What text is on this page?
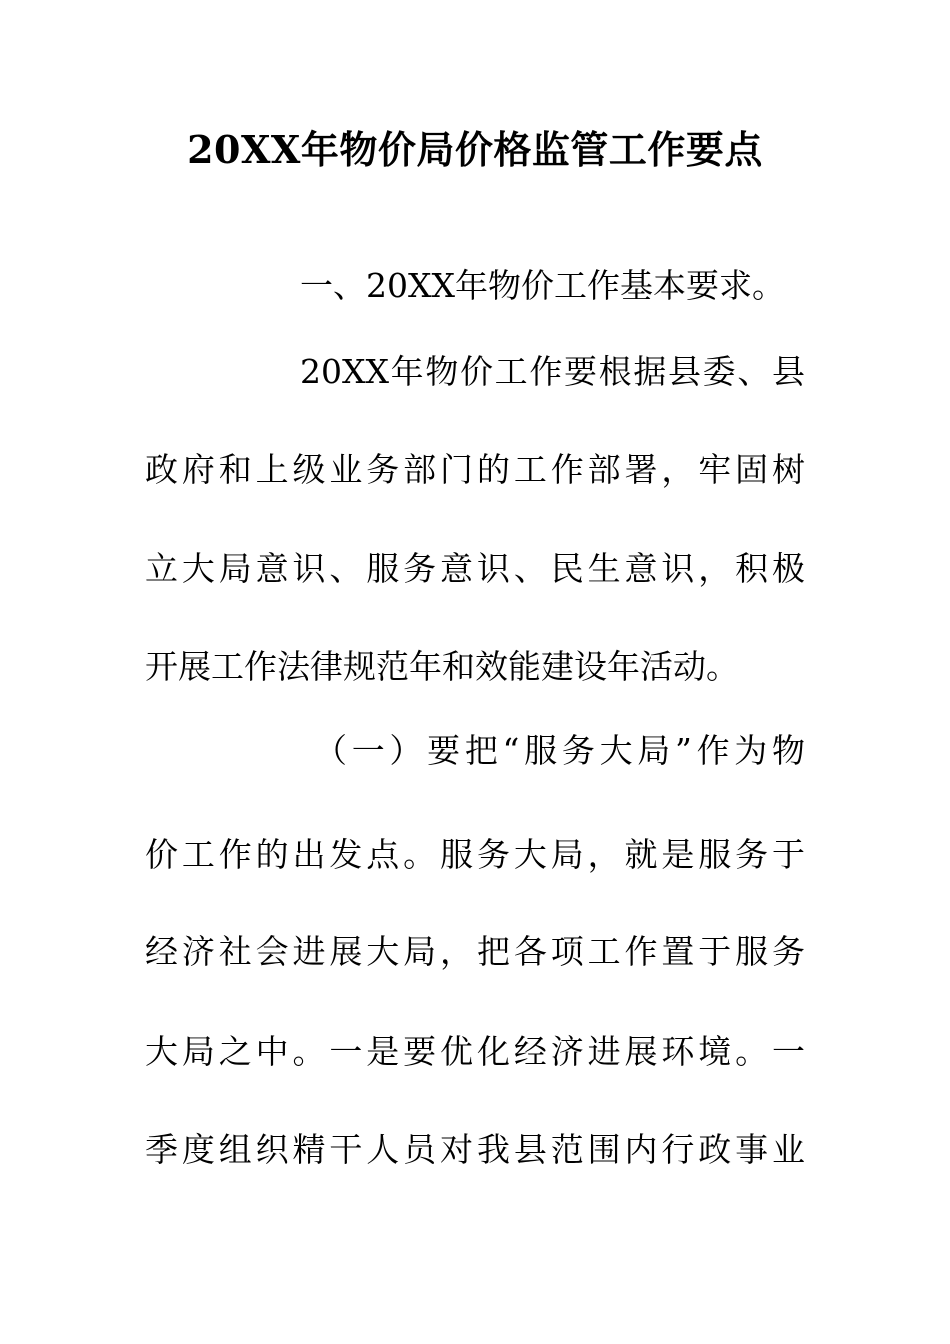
20XX年物价局价格监管工作要点
一、20XX年物价工作基本要求。
20XX年物价工作要根据县委、县
政府和上级业务部门的工作部署，牢固树
立大局意识、服务意识、民生意识，积极
开展工作法律规范年和效能建设年活动。
（一）要把“服务大局”作为物
价工作的出发点。服务大局，就是服务于
经济社会进展大局，把各项工作置于服务
大局之中。一是要优化经济进展环境。一
季度组织精干人员对我县范围内行政事业
